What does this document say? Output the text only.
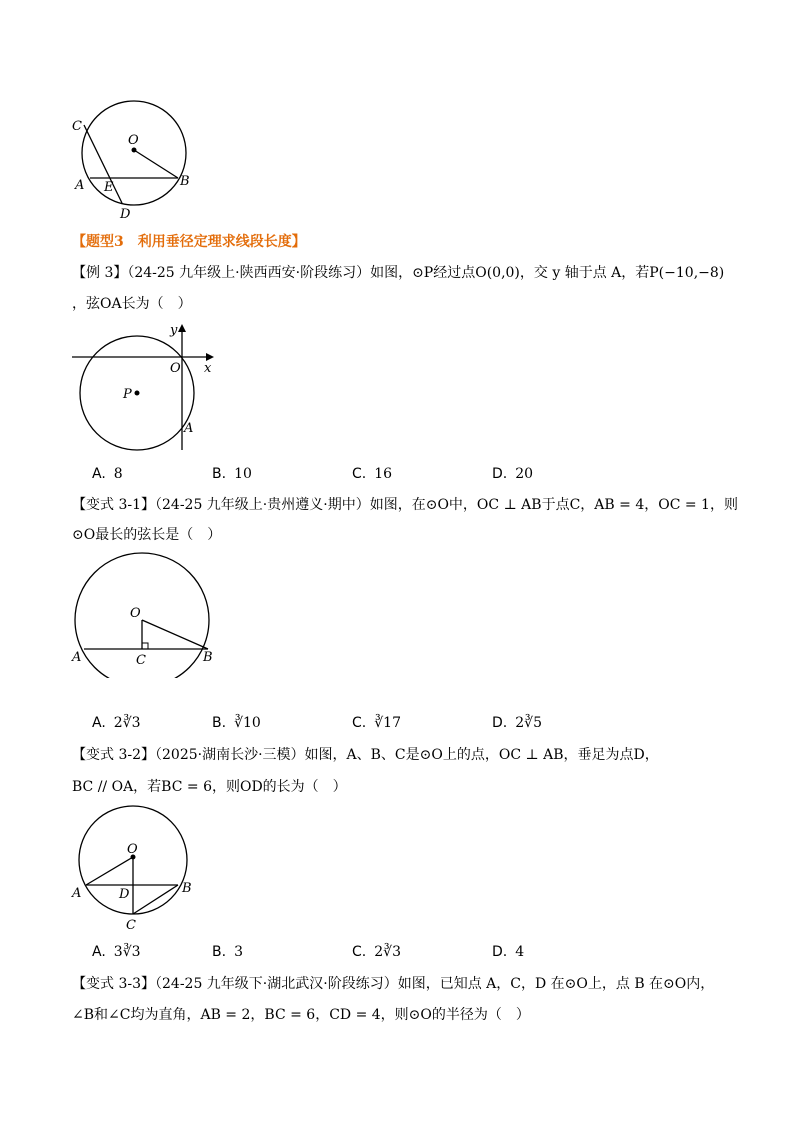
C
O
A E	B
D
【题型3　利用垂径定理求线段长度】
【例 3】（24-25 九年级上·陕西西安·阶段练习）如图，⊙P经过点O(0,0)，交 y 轴于点 A，若P(−10,−8)
，弦OA长为（　）
y
O x
P
A
A. 8	B. 10	C. 16	D. 20
【变式 3-1】（24-25 九年级上·贵州遵义·期中）如图，在⊙O中，OC ⊥ AB于点C，AB = 4，OC = 1，则
⊙O最长的弦长是（　）
O
A	C	B
A. 2∛3	B. ∛10	C. ∛17	D. 2∛5
【变式 3-2】（2025·湖南长沙·三模）如图，A、B、C是⊙O上的点，OC ⊥ AB，垂足为点D，
BC // OA，若BC = 6，则OD的长为（　）
O
A	D	B
C
A. 3∛3	B. 3	C. 2∛3	D. 4
【变式 3-3】（24-25 九年级下·湖北武汉·阶段练习）如图，已知点 A，C，D 在⊙O上，点 B 在⊙O内，
∠B和∠C均为直角，AB = 2，BC = 6，CD = 4，则⊙O的半径为（　）
